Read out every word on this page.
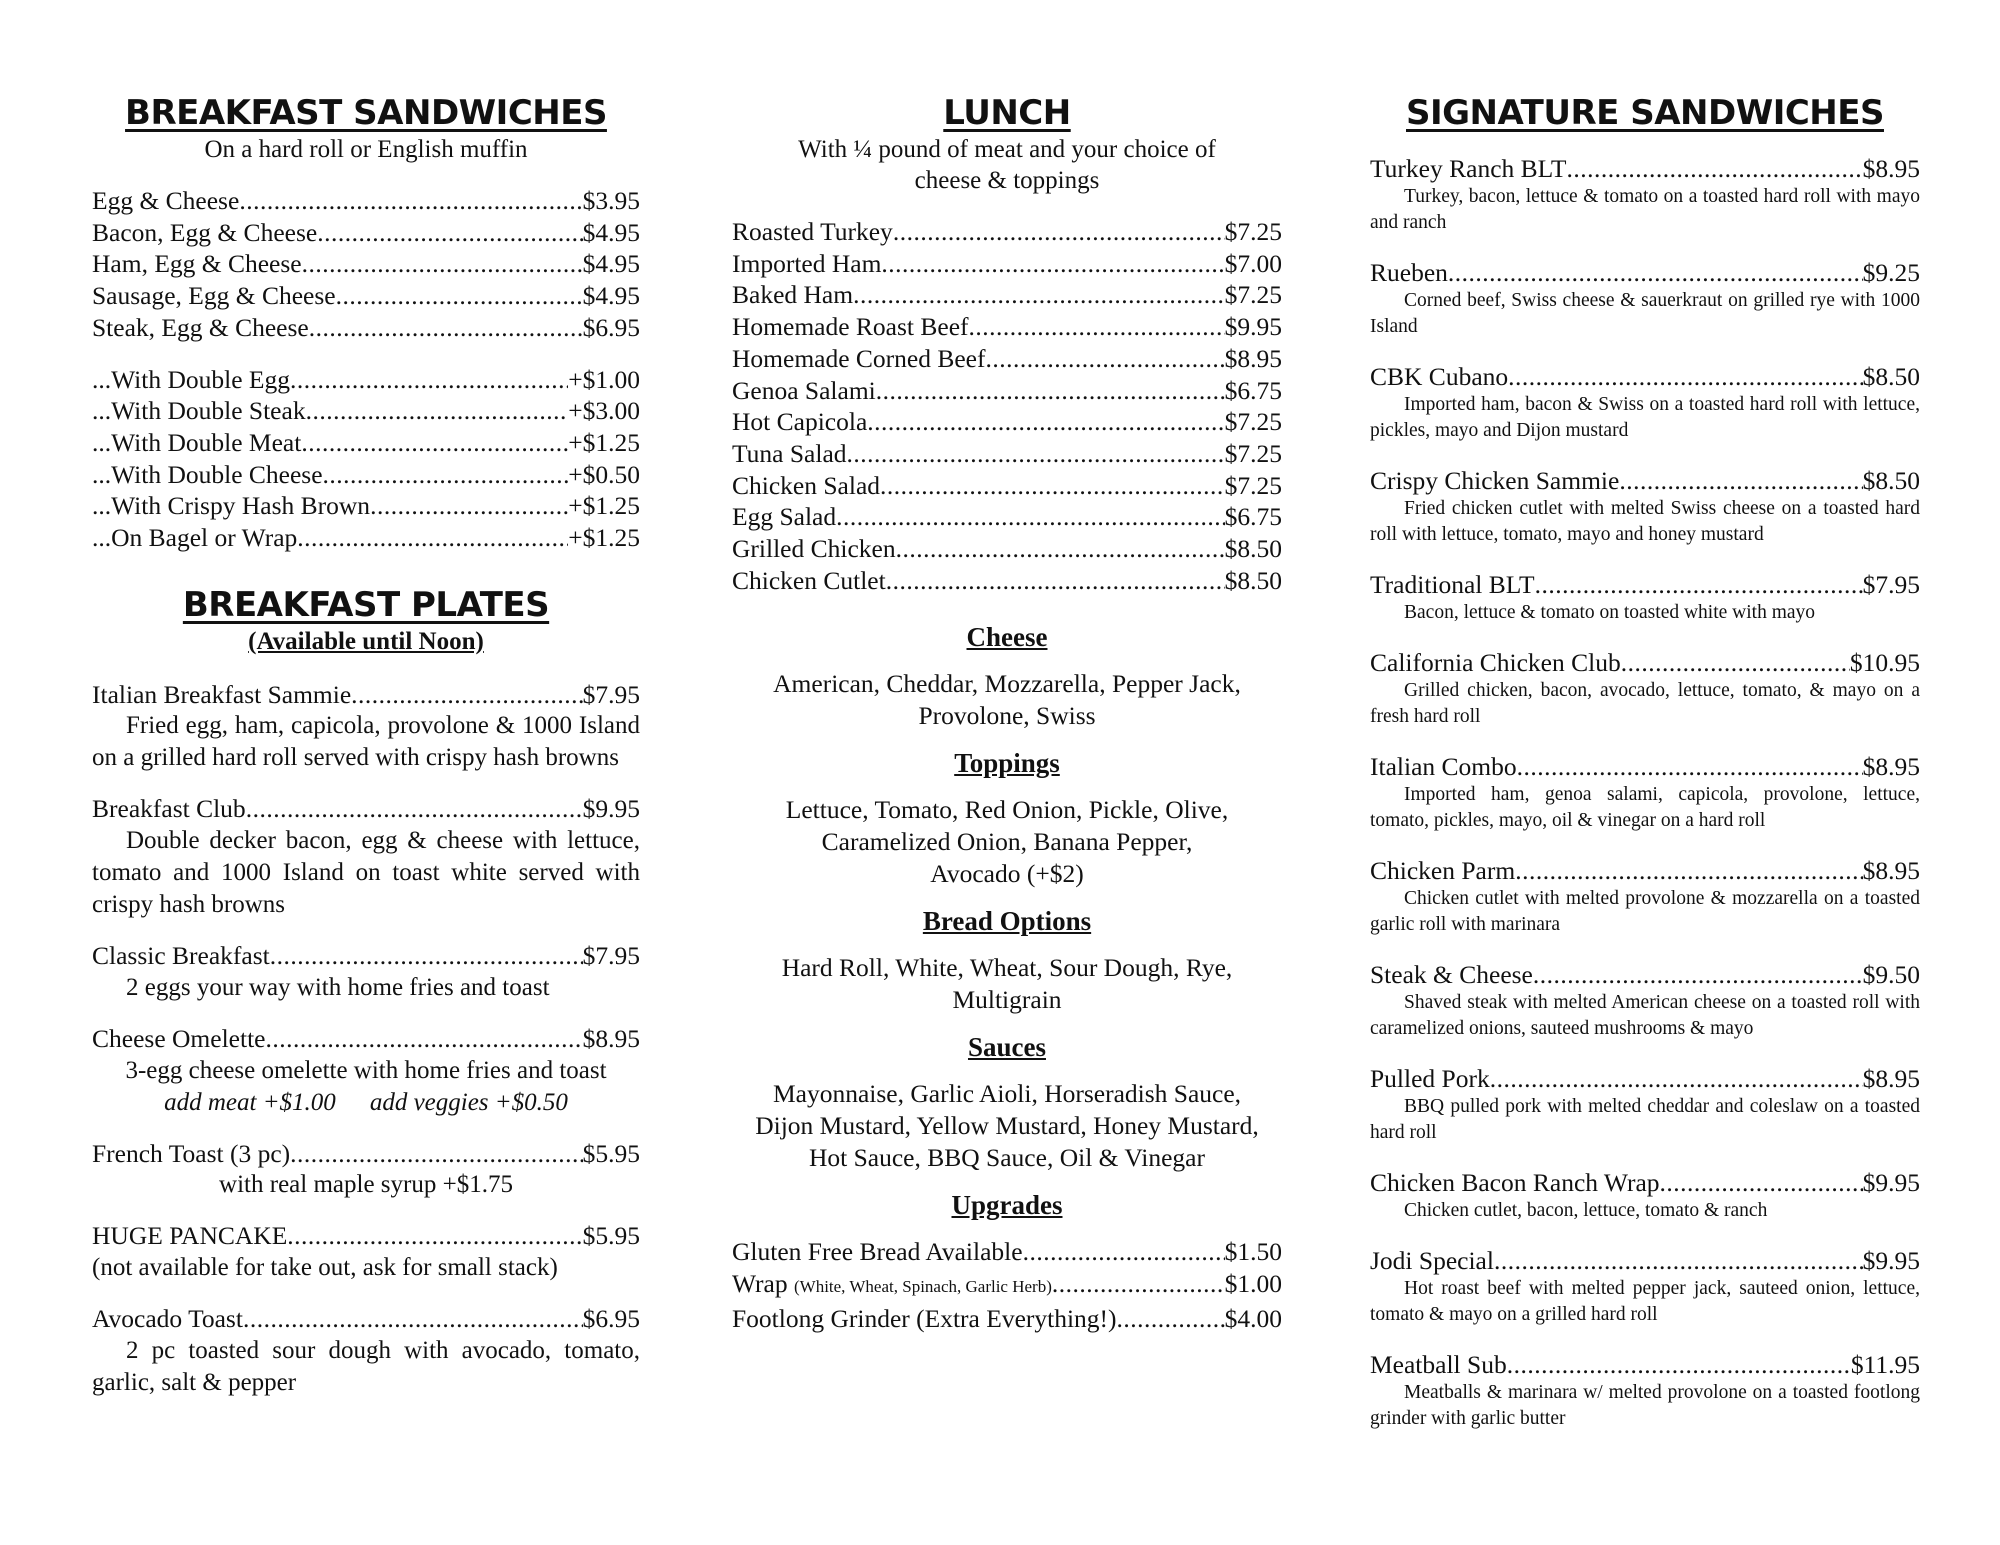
BREAKFAST SANDWICHES

On a hard roll or English muffin

Egg & Cheese .....	$3.95
Bacon, Egg & Cheese .....	$4.95
Ham, Egg & Cheese .....	$4.95
Sausage, Egg & Cheese .....	$4.95
Steak, Egg & Cheese .....	$6.95
...With Double Egg .....	+$1.00
...With Double Steak .....	+$3.00
...With Double Meat .....	+$1.25
...With Double Cheese .....	+$0.50
...With Crispy Hash Brown .....	+$1.25
...On Bagel or Wrap .....	+$1.25
BREAKFAST PLATES

(Available until Noon)

Italian Breakfast Sammie .....	$7.95

Fried egg, ham, capicola, provolone & 1000 Island on a grilled hard roll served with crispy hash browns

Breakfast Club .....	$9.95

Double decker bacon, egg & cheese with lettuce, tomato and 1000 Island on toast white served with crispy hash browns

Classic Breakfast .....	$7.95

2 eggs your way with home fries and toast

Cheese Omelette .....	$8.95

3-egg cheese omelette with home fries and toast

add meat +$1.00 add veggies +$0.50

French Toast (3 pc) .....	$5.95

with real maple syrup +$1.75

HUGE PANCAKE .....	$5.95

(not available for take out, ask for small stack)

Avocado Toast .....	$6.95

2 pc toasted sour dough with avocado, tomato, garlic, salt & pepper

LUNCH

With ¼ pound of meat and your choice of

cheese & toppings

Roasted Turkey .....	$7.25
Imported Ham .....	$7.00
Baked Ham .....	$7.25
Homemade Roast Beef .....	$9.95
Homemade Corned Beef .....	$8.95
Genoa Salami .....	$6.75
Hot Capicola .....	$7.25
Tuna Salad .....	$7.25
Chicken Salad .....	$7.25
Egg Salad .....	$6.75
Grilled Chicken .....	$8.50
Chicken Cutlet .....	$8.50
Cheese

American, Cheddar, Mozzarella, Pepper Jack,

Provolone, Swiss

Toppings

Lettuce, Tomato, Red Onion, Pickle, Olive,

Caramelized Onion, Banana Pepper,

Avocado (+$2)

Bread Options

Hard Roll, White, Wheat, Sour Dough, Rye,

Multigrain

Sauces

Mayonnaise, Garlic Aioli, Horseradish Sauce,

Dijon Mustard, Yellow Mustard, Honey Mustard,

Hot Sauce, BBQ Sauce, Oil & Vinegar

Upgrades
Gluten Free Bread Available .....	$1.50
Wrap (White, Wheat, Spinach, Garlic Herb) .....	$1.00
Footlong Grinder (Extra Everything!) .....	$4.00
SIGNATURE SANDWICHES
Turkey Ranch BLT .....	$8.95

Turkey, bacon, lettuce & tomato on a toasted hard roll with mayo and ranch

Rueben .....	$9.25

Corned beef, Swiss cheese & sauerkraut on grilled rye with 1000 Island

CBK Cubano .....	$8.50

Imported ham, bacon & Swiss on a toasted hard roll with lettuce, pickles, mayo and Dijon mustard

Crispy Chicken Sammie .....	$8.50

Fried chicken cutlet with melted Swiss cheese on a toasted hard roll with lettuce, tomato, mayo and honey mustard

Traditional BLT .....	$7.95

Bacon, lettuce & tomato on toasted white with mayo

California Chicken Club .....	$10.95

Grilled chicken, bacon, avocado, lettuce, tomato, & mayo on a fresh hard roll

Italian Combo .....	$8.95

Imported ham, genoa salami, capicola, provolone, lettuce, tomato, pickles, mayo, oil & vinegar on a hard roll

Chicken Parm .....	$8.95

Chicken cutlet with melted provolone & mozzarella on a toasted garlic roll with marinara

Steak & Cheese .....	$9.50

Shaved steak with melted American cheese on a toasted roll with caramelized onions, sauteed mushrooms & mayo

Pulled Pork .....	$8.95

BBQ pulled pork with melted cheddar and coleslaw on a toasted hard roll

Chicken Bacon Ranch Wrap .....	$9.95

Chicken cutlet, bacon, lettuce, tomato & ranch

Jodi Special .....	$9.95

Hot roast beef with melted pepper jack, sauteed onion, lettuce, tomato & mayo on a grilled hard roll

Meatball Sub .....	$11.95

Meatballs & marinara w/ melted provolone on a toasted footlong grinder with garlic butter
